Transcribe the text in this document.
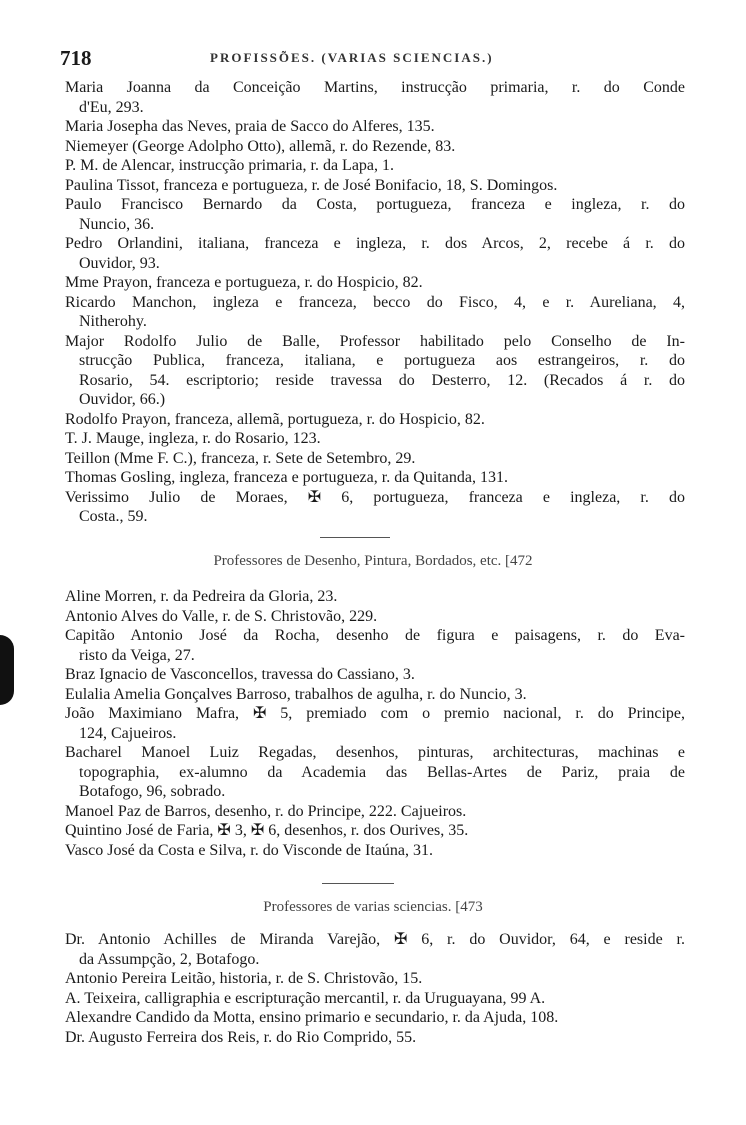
718	PROFISSÕES. (VARIAS SCIENCIAS.)
Maria Joanna da Conceição Martins, instrucção primaria, r. do Conde
d'Eu, 293.
Maria Josepha das Neves, praia de Sacco do Alferes, 135.
Niemeyer (George Adolpho Otto), allemã, r. do Rezende, 83.
P. M. de Alencar, instrucção primaria, r. da Lapa, 1.
Paulina Tissot, franceza e portugueza, r. de José Bonifacio, 18, S. Domingos.
Paulo Francisco Bernardo da Costa, portugueza, franceza e ingleza, r. do
Nuncio, 36.
Pedro Orlandini, italiana, franceza e ingleza, r. dos Arcos, 2, recebe á r. do
Ouvidor, 93.
Mme Prayon, franceza e portugueza, r. do Hospicio, 82.
Ricardo Manchon, ingleza e franceza, becco do Fisco, 4, e r. Aureliana, 4,
Nitherohy.
Major Rodolfo Julio de Balle, Professor habilitado pelo Conselho de In-
strucção Publica, franceza, italiana, e portugueza aos estrangeiros, r. do
Rosario, 54. escriptorio; reside travessa do Desterro, 12. (Recados á r. do
Ouvidor, 66.)
Rodolfo Prayon, franceza, allemã, portugueza, r. do Hospicio, 82.
T. J. Mauge, ingleza, r. do Rosario, 123.
Teillon (Mme F. C.), franceza, r. Sete de Setembro, 29.
Thomas Gosling, ingleza, franceza e portugueza, r. da Quitanda, 131.
Verissimo Julio de Moraes, ✠ 6, portugueza, franceza e ingleza, r. do
Costa., 59.
Professores de Desenho, Pintura, Bordados, etc. [472
Aline Morren, r. da Pedreira da Gloria, 23.
Antonio Alves do Valle, r. de S. Christovão, 229.
Capitão Antonio José da Rocha, desenho de figura e paisagens, r. do Eva-
risto da Veiga, 27.
Braz Ignacio de Vasconcellos, travessa do Cassiano, 3.
Eulalia Amelia Gonçalves Barroso, trabalhos de agulha, r. do Nuncio, 3.
João Maximiano Mafra, ✠ 5, premiado com o premio nacional, r. do Principe,
124, Cajueiros.
Bacharel Manoel Luiz Regadas, desenhos, pinturas, architecturas, machinas e
topographia, ex-alumno da Academia das Bellas-Artes de Pariz, praia de
Botafogo, 96, sobrado.
Manoel Paz de Barros, desenho, r. do Principe, 222. Cajueiros.
Quintino José de Faria, ✠ 3, ✠ 6, desenhos, r. dos Ourives, 35.
Vasco José da Costa e Silva, r. do Visconde de Itaúna, 31.
Professores de varias sciencias. [473
Dr. Antonio Achilles de Miranda Varejão, ✠ 6, r. do Ouvidor, 64, e reside r.
da Assumpção, 2, Botafogo.
Antonio Pereira Leitão, historia, r. de S. Christovão, 15.
A. Teixeira, calligraphia e escripturação mercantil, r. da Uruguayana, 99 A.
Alexandre Candido da Motta, ensino primario e secundario, r. da Ajuda, 108.
Dr. Augusto Ferreira dos Reis, r. do Rio Comprido, 55.
